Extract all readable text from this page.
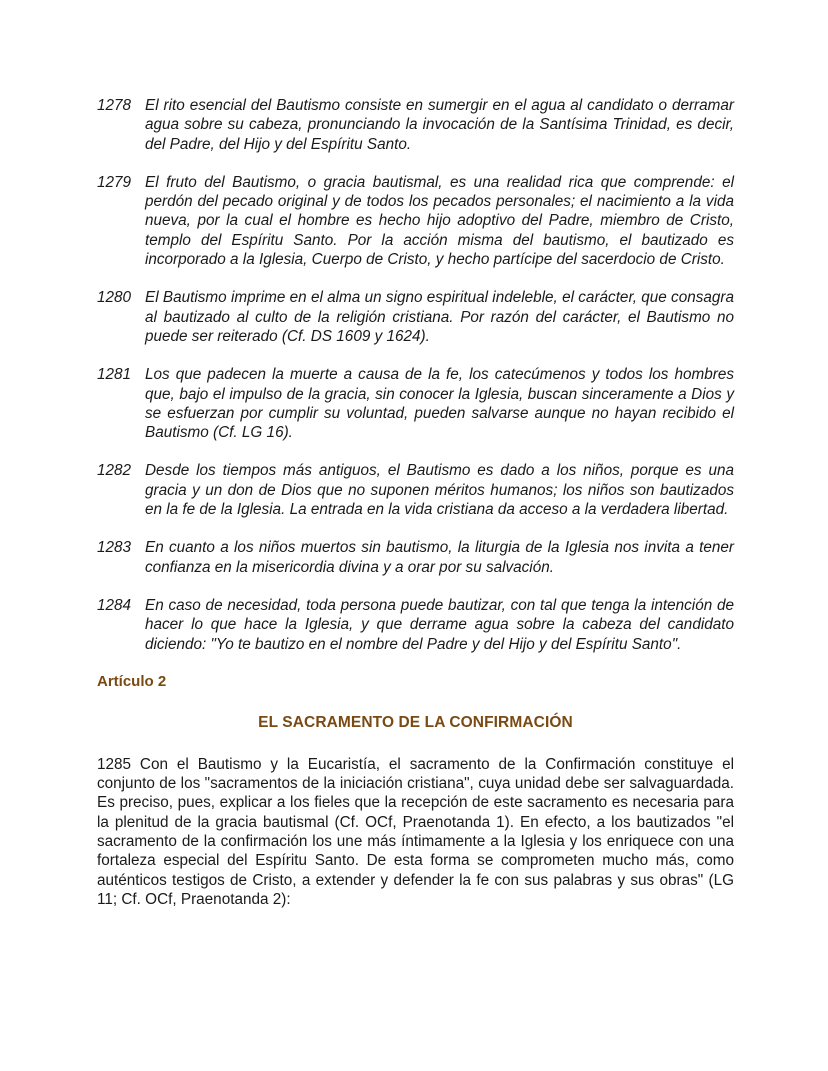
1278 El rito esencial del Bautismo consiste en sumergir en el agua al candidato o derramar agua sobre su cabeza, pronunciando la invocación de la Santísima Trinidad, es decir, del Padre, del Hijo y del Espíritu Santo.
1279 El fruto del Bautismo, o gracia bautismal, es una realidad rica que comprende: el perdón del pecado original y de todos los pecados personales; el nacimiento a la vida nueva, por la cual el hombre es hecho hijo adoptivo del Padre, miembro de Cristo, templo del Espíritu Santo. Por la acción misma del bautismo, el bautizado es incorporado a la Iglesia, Cuerpo de Cristo, y hecho partícipe del sacerdocio de Cristo.
1280 El Bautismo imprime en el alma un signo espiritual indeleble, el carácter, que consagra al bautizado al culto de la religión cristiana. Por razón del carácter, el Bautismo no puede ser reiterado (Cf. DS 1609 y 1624).
1281 Los que padecen la muerte a causa de la fe, los catecúmenos y todos los hombres que, bajo el impulso de la gracia, sin conocer la Iglesia, buscan sinceramente a Dios y se esfuerzan por cumplir su voluntad, pueden salvarse aunque no hayan recibido el Bautismo (Cf. LG 16).
1282 Desde los tiempos más antiguos, el Bautismo es dado a los niños, porque es una gracia y un don de Dios que no suponen méritos humanos; los niños son bautizados en la fe de la Iglesia. La entrada en la vida cristiana da acceso a la verdadera libertad.
1283 En cuanto a los niños muertos sin bautismo, la liturgia de la Iglesia nos invita a tener confianza en la misericordia divina y a orar por su salvación.
1284 En caso de necesidad, toda persona puede bautizar, con tal que tenga la intención de hacer lo que hace la Iglesia, y que derrame agua sobre la cabeza del candidato diciendo: "Yo te bautizo en el nombre del Padre y del Hijo y del Espíritu Santo".
Artículo 2
EL SACRAMENTO DE LA CONFIRMACIÓN
1285 Con el Bautismo y la Eucaristía, el sacramento de la Confirmación constituye el conjunto de los "sacramentos de la iniciación cristiana", cuya unidad debe ser salvaguardada. Es preciso, pues, explicar a los fieles que la recepción de este sacramento es necesaria para la plenitud de la gracia bautismal (Cf. OCf, Praenotanda 1). En efecto, a los bautizados "el sacramento de la confirmación los une más íntimamente a la Iglesia y los enriquece con una fortaleza especial del Espíritu Santo. De esta forma se comprometen mucho más, como auténticos testigos de Cristo, a extender y defender la fe con sus palabras y sus obras" (LG 11; Cf. OCf, Praenotanda 2):
